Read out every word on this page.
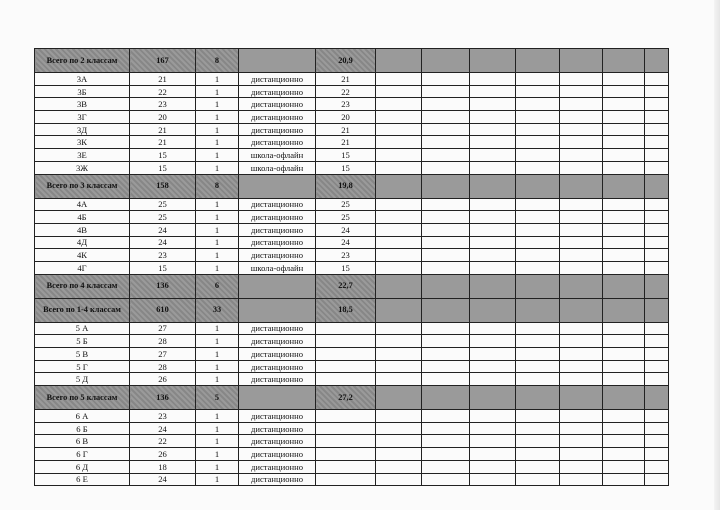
Всего по 2 классам	167	8		20,9							
3А	21	1	дистанционно	21							
3Б	22	1	дистанционно	22							
3В	23	1	дистанционно	23							
3Г	20	1	дистанционно	20							
3Д	21	1	дистанционно	21							
3К	21	1	дистанционно	21							
3Е	15	1	школа-офлайн	15							
3Ж	15	1	школа-офлайн	15							
Всего по 3 классам	158	8		19,8							
4А	25	1	дистанционно	25							
4Б	25	1	дистанционно	25							
4В	24	1	дистанционно	24							
4Д	24	1	дистанционно	24							
4К	23	1	дистанционно	23							
4Г	15	1	школа-офлайн	15							
Всего по 4 классам	136	6		22,7							
Всего по 1-4 классам	610	33		18,5							
5 А	27	1	дистанционно								
5 Б	28	1	дистанционно								
5 В	27	1	дистанционно								
5 Г	28	1	дистанционно								
5 Д	26	1	дистанционно								
Всего по 5 классам	136	5		27,2							
6 А	23	1	дистанционно								
6 Б	24	1	дистанционно								
6 В	22	1	дистанционно								
6 Г	26	1	дистанционно								
6 Д	18	1	дистанционно								
6 Е	24	1	дистанционно								
